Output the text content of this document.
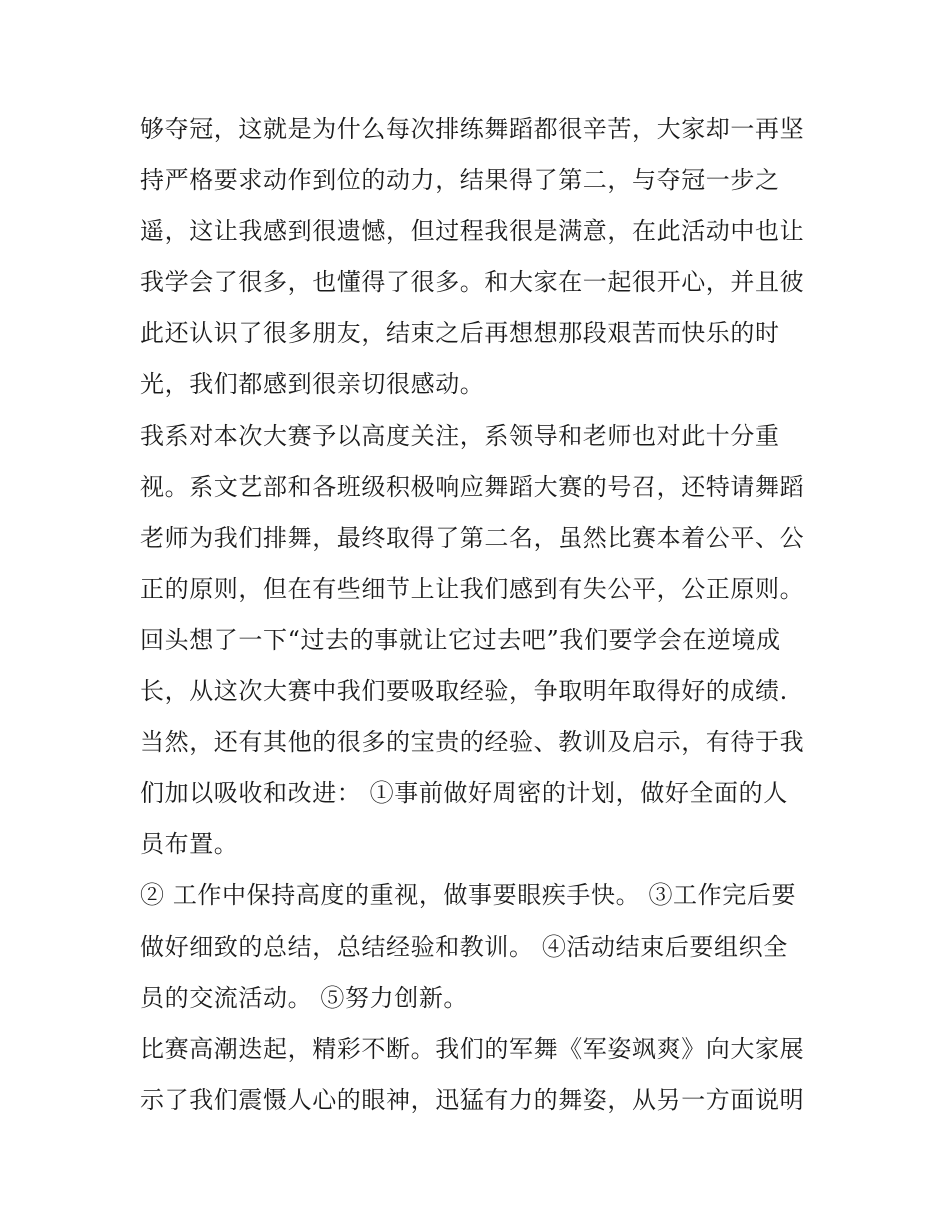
够夺冠，这就是为什么每次排练舞蹈都很辛苦，大家却一再坚
持严格要求动作到位的动力，结果得了第二，与夺冠一步之
遥，这让我感到很遗憾，但过程我很是满意，在此活动中也让
我学会了很多，也懂得了很多。和大家在一起很开心，并且彼
此还认识了很多朋友，结束之后再想想那段艰苦而快乐的时
光，我们都感到很亲切很感动。
我系对本次大赛予以高度关注，系领导和老师也对此十分重
视。系文艺部和各班级积极响应舞蹈大赛的号召，还特请舞蹈
老师为我们排舞，最终取得了第二名，虽然比赛本着公平、公
正的原则，但在有些细节上让我们感到有失公平，公正原则。
回头想了一下“过去的事就让它过去吧”我们要学会在逆境成
长，从这次大赛中我们要吸取经验，争取明年取得好的成绩.
当然，还有其他的很多的宝贵的经验、教训及启示，有待于我
们加以吸收和改进： ①事前做好周密的计划，做好全面的人
员布置。
② 工作中保持高度的重视，做事要眼疾手快。 ③工作完后要
做好细致的总结，总结经验和教训。 ④活动结束后要组织全
员的交流活动。 ⑤努力创新。
比赛高潮迭起，精彩不断。我们的军舞《军姿飒爽》向大家展
示了我们震慑人心的眼神，迅猛有力的舞姿，从另一方面说明
